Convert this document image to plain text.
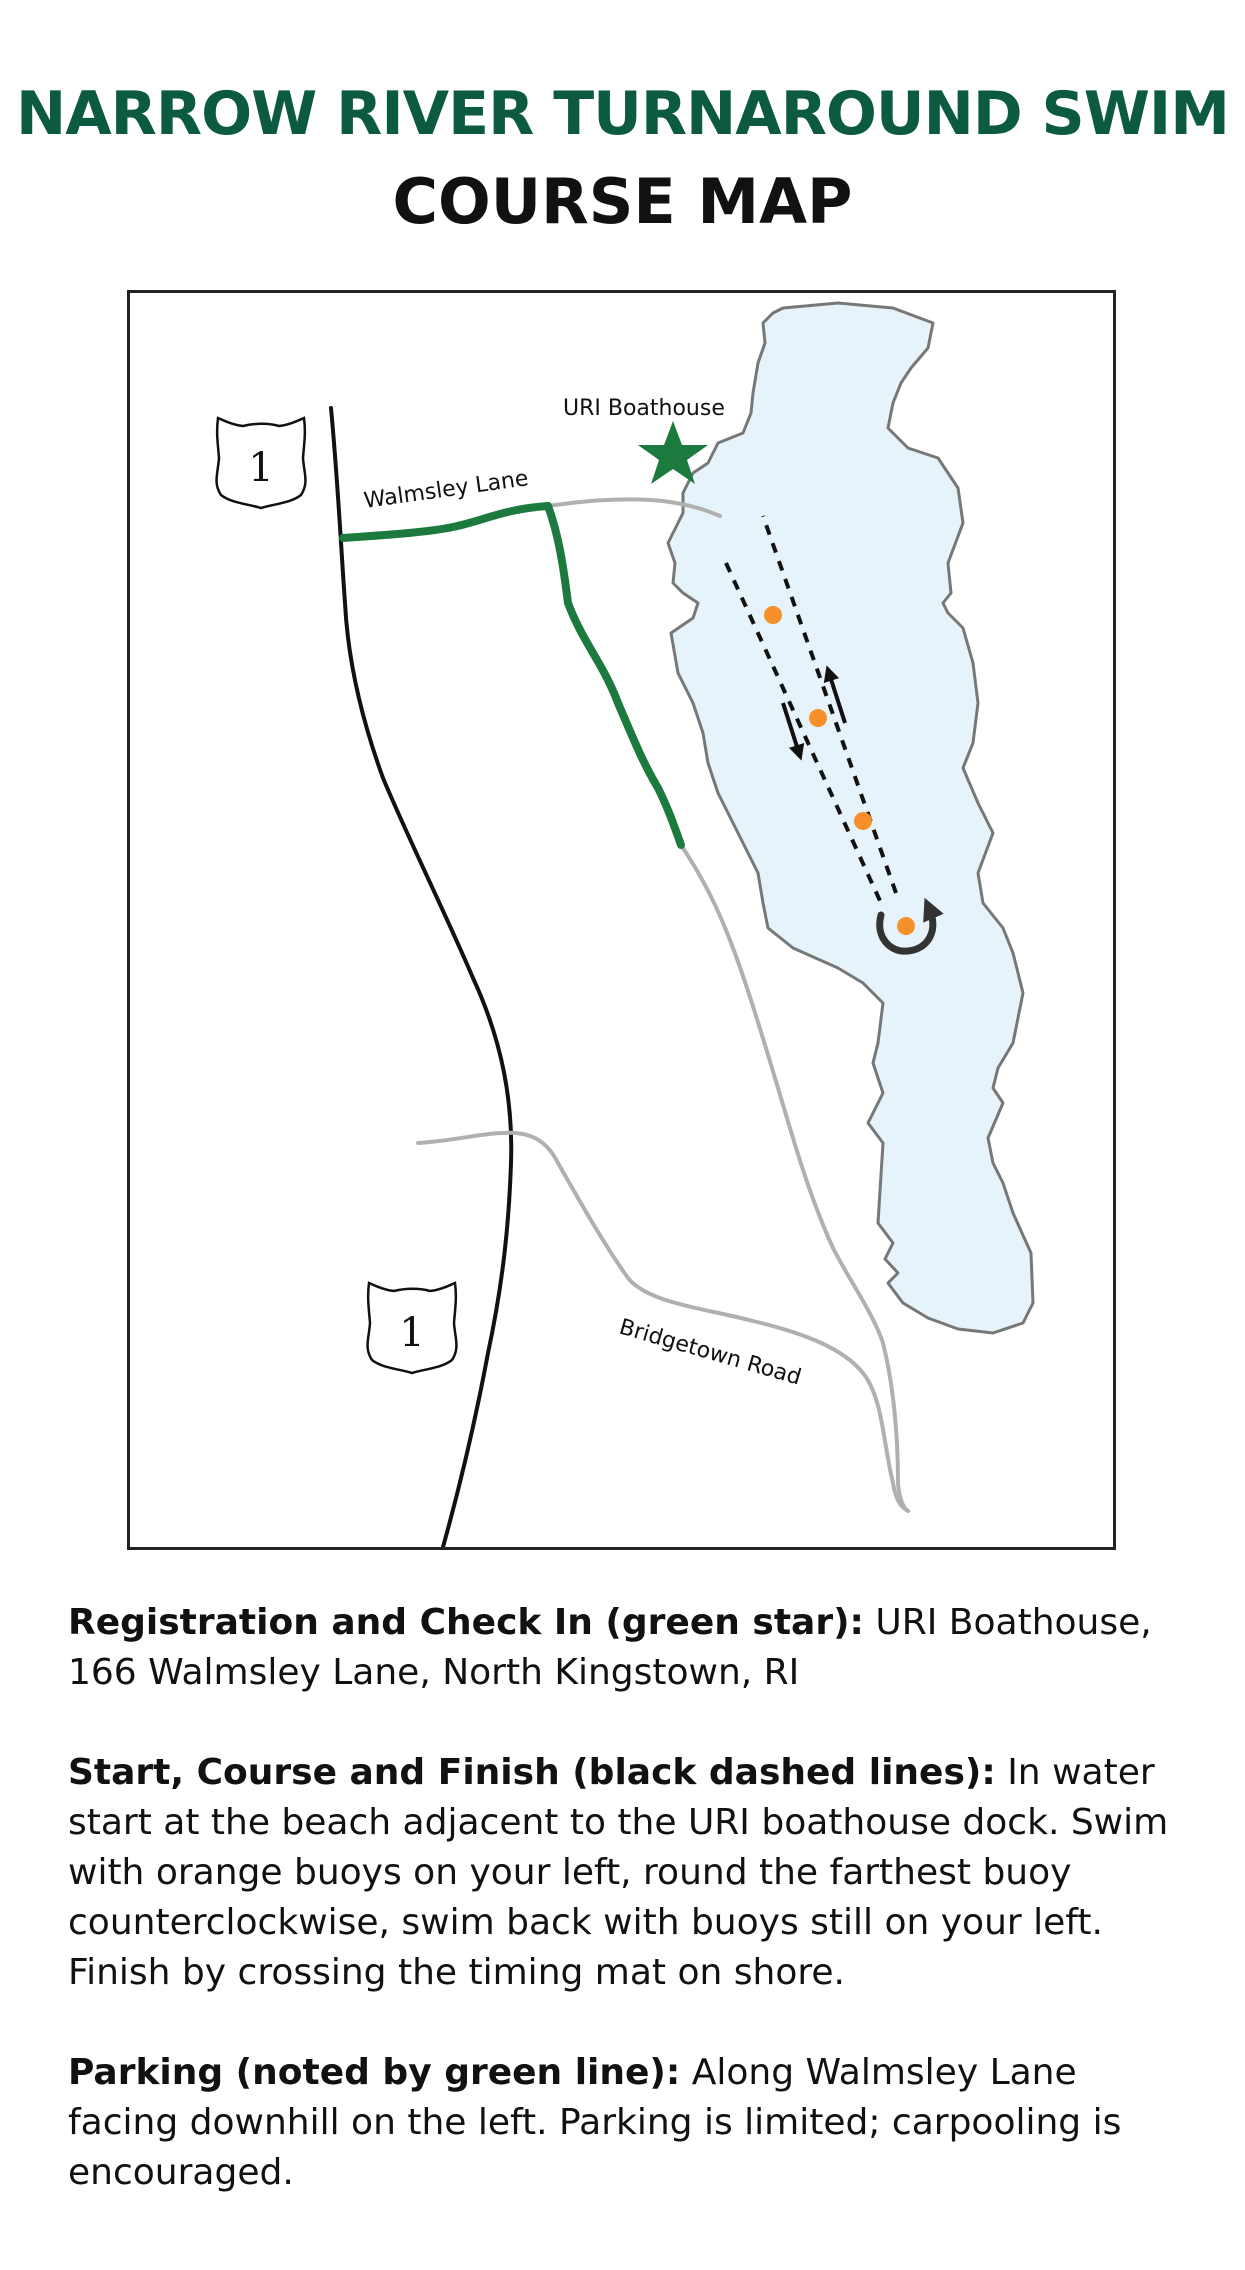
NARROW RIVER TURNAROUND SWIM
COURSE MAP
1
1
URI Boathouse
Walmsley Lane
Bridgetown Road

Registration and Check In (green star): URI Boathouse, 166 Walmsley Lane, North Kingstown, RI

Start, Course and Finish (black dashed lines): In water start at the beach adjacent to the URI boathouse dock. Swim with orange buoys on your left, round the farthest buoy counterclockwise, swim back with buoys still on your left. Finish by crossing the timing mat on shore.

Parking (noted by green line): Along Walmsley Lane facing downhill on the left. Parking is limited; carpooling is encouraged.
